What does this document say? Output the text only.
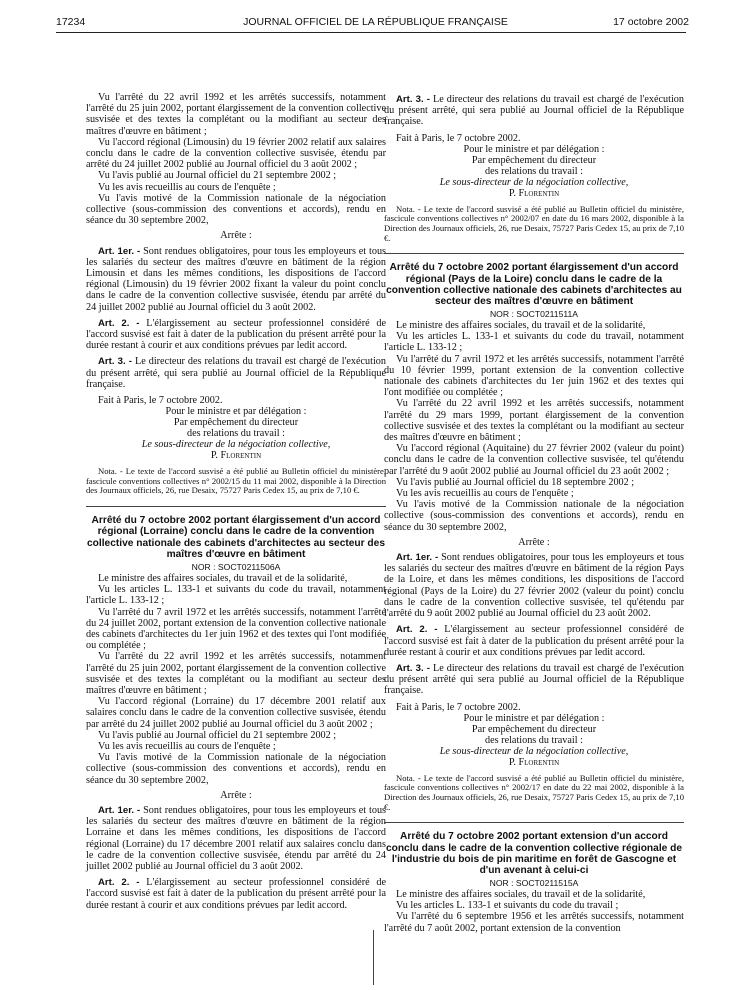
17234	JOURNAL OFFICIEL DE LA RÉPUBLIQUE FRANÇAISE	17 octobre 2002

Vu l'arrêté du 22 avril 1992 et les arrêtés successifs, notamment l'arrêté du 25 juin 2002, portant élargissement de la convention collective susvisée et des textes la complétant ou la modifiant au secteur des maîtres d'œuvre en bâtiment ;

Vu l'accord régional (Limousin) du 19 février 2002 relatif aux salaires conclu dans le cadre de la convention collective susvisée, étendu par arrêté du 24 juillet 2002 publié au Journal officiel du 3 août 2002 ;

Vu l'avis publié au Journal officiel du 21 septembre 2002 ;

Vu les avis recueillis au cours de l'enquête ;

Vu l'avis motivé de la Commission nationale de la négociation collective (sous-commission des conventions et accords), rendu en séance du 30 septembre 2002,

Arrête :

Art. 1er. - Sont rendues obligatoires, pour tous les employeurs et tous les salariés du secteur des maîtres d'œuvre en bâtiment de la région Limousin et dans les mêmes conditions, les dispositions de l'accord régional (Limousin) du 19 février 2002 fixant la valeur du point conclu dans le cadre de la convention collective susvisée, étendu par arrêté du 24 juillet 2002 publié au Journal officiel du 3 août 2002.

Art. 2. - L'élargissement au secteur professionnel considéré de l'accord susvisé est fait à dater de la publication du présent arrêté pour la durée restant à courir et aux conditions prévues par ledit accord.

Art. 3. - Le directeur des relations du travail est chargé de l'exécution du présent arrêté, qui sera publié au Journal officiel de la République française.

Fait à Paris, le 7 octobre 2002.

Pour le ministre et par délégation :

Par empêchement du directeur

des relations du travail :

Le sous-directeur de la négociation collective,

P. Florentin

Nota. - Le texte de l'accord susvisé a été publié au Bulletin officiel du ministère, fascicule conventions collectives n° 2002/15 du 11 mai 2002, disponible à la Direction des Journaux officiels, 26, rue Desaix, 75727 Paris Cedex 15, au prix de 7,10 €.

Arrêté du 7 octobre 2002 portant élargissement d'un accord régional (Lorraine) conclu dans le cadre de la convention collective nationale des cabinets d'architectes au secteur des maîtres d'œuvre en bâtiment

NOR : SOCT0211506A

Le ministre des affaires sociales, du travail et de la solidarité,

Vu les articles L. 133-1 et suivants du code du travail, notamment l'article L. 133-12 ;

Vu l'arrêté du 7 avril 1972 et les arrêtés successifs, notamment l'arrêté du 24 juillet 2002, portant extension de la convention collective nationale des cabinets d'architectes du 1er juin 1962 et des textes qui l'ont modifiée ou complétée ;

Vu l'arrêté du 22 avril 1992 et les arrêtés successifs, notamment l'arrêté du 25 juin 2002, portant élargissement de la convention collective susvisée et des textes la complétant ou la modifiant au secteur des maîtres d'œuvre en bâtiment ;

Vu l'accord régional (Lorraine) du 17 décembre 2001 relatif aux salaires conclu dans le cadre de la convention collective susvisée, étendu par arrêté du 24 juillet 2002 publié au Journal officiel du 3 août 2002 ;

Vu l'avis publié au Journal officiel du 21 septembre 2002 ;

Vu les avis recueillis au cours de l'enquête ;

Vu l'avis motivé de la Commission nationale de la négociation collective (sous-commission des conventions et accords), rendu en séance du 30 septembre 2002,

Arrête :

Art. 1er. - Sont rendues obligatoires, pour tous les employeurs et tous les salariés du secteur des maîtres d'œuvre en bâtiment de la région Lorraine et dans les mêmes conditions, les dispositions de l'accord régional (Lorraine) du 17 décembre 2001 relatif aux salaires conclu dans le cadre de la convention collective susvisée, étendu par arrêté du 24 juillet 2002 publié au Journal officiel du 3 août 2002.

Art. 2. - L'élargissement au secteur professionnel considéré de l'accord susvisé est fait à dater de la publication du présent arrêté pour la durée restant à courir et aux conditions prévues par ledit accord.

Art. 3. - Le directeur des relations du travail est chargé de l'exécution du présent arrêté, qui sera publié au Journal officiel de la République française.

Fait à Paris, le 7 octobre 2002.

Pour le ministre et par délégation :

Par empêchement du directeur

des relations du travail :

Le sous-directeur de la négociation collective,

P. Florentin

Nota. - Le texte de l'accord susvisé a été publié au Bulletin officiel du ministère, fascicule conventions collectives n° 2002/07 en date du 16 mars 2002, disponible à la Direction des Journaux officiels, 26, rue Desaix, 75727 Paris Cedex 15, au prix de 7,10 €.

Arrêté du 7 octobre 2002 portant élargissement d'un accord régional (Pays de la Loire) conclu dans le cadre de la convention collective nationale des cabinets d'architectes au secteur des maîtres d'œuvre en bâtiment

NOR : SOCT0211511A

Le ministre des affaires sociales, du travail et de la solidarité,

Vu les articles L. 133-1 et suivants du code du travail, notamment l'article L. 133-12 ;

Vu l'arrêté du 7 avril 1972 et les arrêtés successifs, notamment l'arrêté du 10 février 1999, portant extension de la convention collective nationale des cabinets d'architectes du 1er juin 1962 et des textes qui l'ont modifiée ou complétée ;

Vu l'arrêté du 22 avril 1992 et les arrêtés successifs, notamment l'arrêté du 29 mars 1999, portant élargissement de la convention collective susvisée et des textes la complétant ou la modifiant au secteur des maîtres d'œuvre en bâtiment ;

Vu l'accord régional (Aquitaine) du 27 février 2002 (valeur du point) conclu dans le cadre de la convention collective susvisée, tel qu'étendu par l'arrêté du 9 août 2002 publié au Journal officiel du 23 août 2002 ;

Vu l'avis publié au Journal officiel du 18 septembre 2002 ;

Vu les avis recueillis au cours de l'enquête ;

Vu l'avis motivé de la Commission nationale de la négociation collective (sous-commission des conventions et accords), rendu en séance du 30 septembre 2002,

Arrête :

Art. 1er. - Sont rendues obligatoires, pour tous les employeurs et tous les salariés du secteur des maîtres d'œuvre en bâtiment de la région Pays de la Loire, et dans les mêmes conditions, les dispositions de l'accord régional (Pays de la Loire) du 27 février 2002 (valeur du point) conclu dans le cadre de la convention collective susvisée, tel qu'étendu par l'arrêté du 9 août 2002 publié au Journal officiel du 23 août 2002.

Art. 2. - L'élargissement au secteur professionnel considéré de l'accord susvisé est fait à dater de la publication du présent arrêté pour la durée restant à courir et aux conditions prévues par ledit accord.

Art. 3. - Le directeur des relations du travail est chargé de l'exécution du présent arrêté qui sera publié au Journal officiel de la République française.

Fait à Paris, le 7 octobre 2002.

Pour le ministre et par délégation :

Par empêchement du directeur

des relations du travail :

Le sous-directeur de la négociation collective,

P. Florentin

Nota. - Le texte de l'accord susvisé a été publié au Bulletin officiel du ministère, fascicule conventions collectives n° 2002/17 en date du 22 mai 2002, disponible à la Direction des Journaux officiels, 26, rue Desaix, 75727 Paris Cedex 15, au prix de 7,10 €.

Arrêté du 7 octobre 2002 portant extension d'un accord conclu dans le cadre de la convention collective régionale de l'industrie du bois de pin maritime en forêt de Gascogne et d'un avenant à celui-ci

NOR : SOCT0211515A

Le ministre des affaires sociales, du travail et de la solidarité,

Vu les articles L. 133-1 et suivants du code du travail ;

Vu l'arrêté du 6 septembre 1956 et les arrêtés successifs, notamment l'arrêté du 7 août 2002, portant extension de la convention
